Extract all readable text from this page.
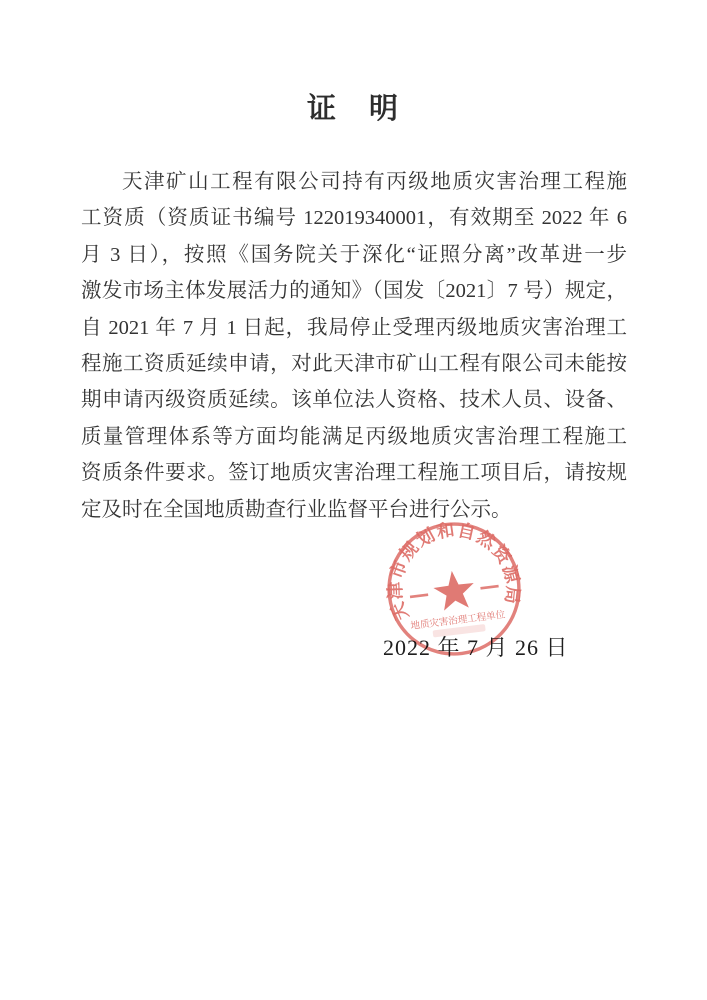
证　明
天津矿山工程有限公司持有丙级地质灾害治理工程施
工资质（资质证书编号 122019340001，有效期至 2022 年 6
月 3 日），按照《国务院关于深化“证照分离”改革进一步
激发市场主体发展活力的通知》（国发〔2021〕7 号）规定，
自 2021 年 7 月 1 日起，我局停止受理丙级地质灾害治理工
程施工资质延续申请，对此天津市矿山工程有限公司未能按
期申请丙级资质延续。该单位法人资格、技术人员、设备、
质量管理体系等方面均能满足丙级地质灾害治理工程施工
资质条件要求。签订地质灾害治理工程施工项目后，请按规
定及时在全国地质勘查行业监督平台进行公示。
2022 年 7 月 26 日
天津市规划和自然资源局
地质灾害治理工程单位
